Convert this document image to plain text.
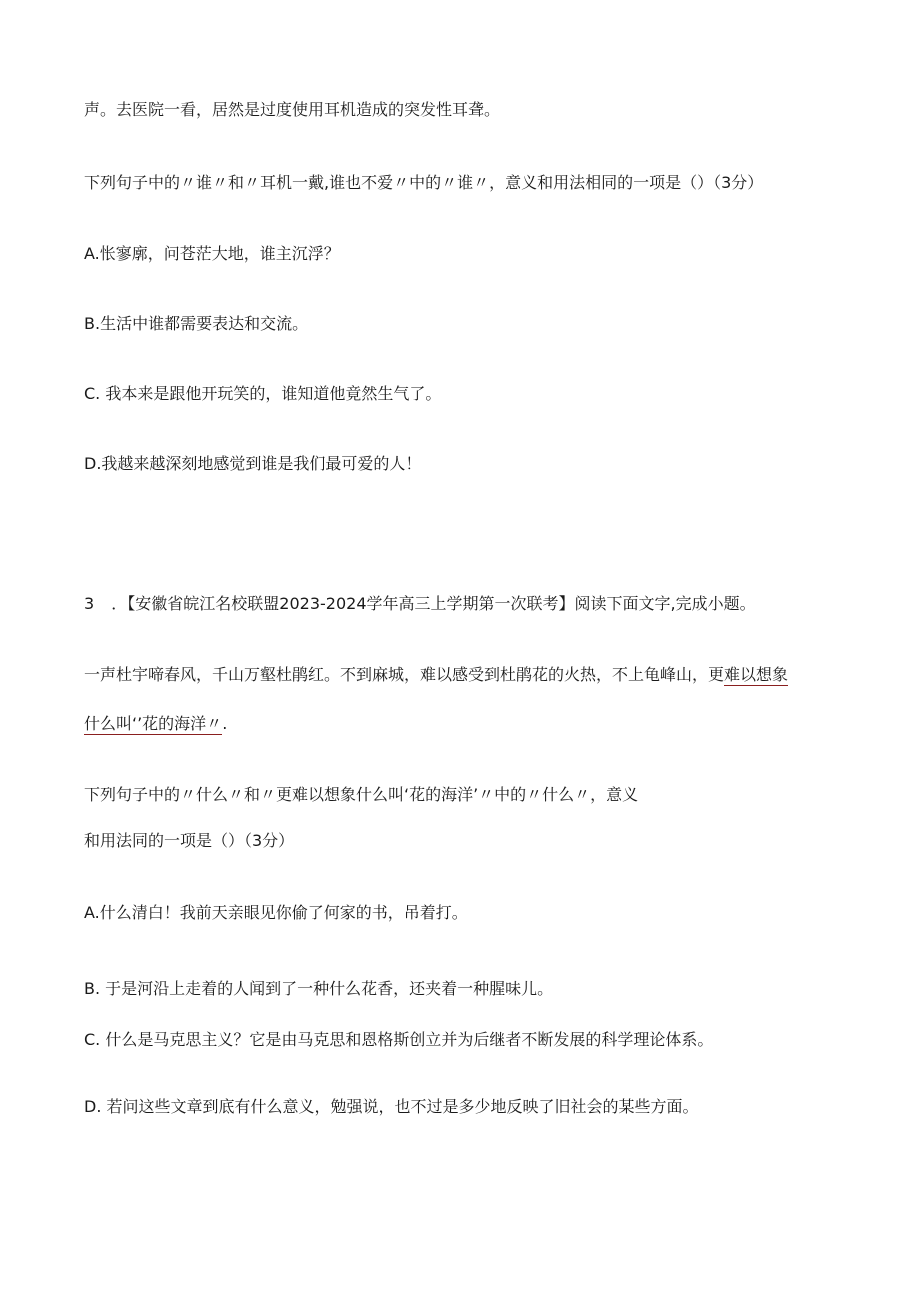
声。去医院一看，居然是过度使用耳机造成的突发性耳聋。
下列句子中的〃谁〃和〃耳机一戴,谁也不爱〃中的〃谁〃，意义和用法相同的一项是（）（3分）
A.怅寥廓，问苍茫大地，谁主沉浮？
B.生活中谁都需要表达和交流。
C. 我本来是跟他开玩笑的，谁知道他竟然生气了。
D.我越来越深刻地感觉到谁是我们最可爱的人！
3 ．【安徽省皖江名校联盟2023-2024学年高三上学期第一次联考】阅读下面文字,完成小题。
一声杜宇啼春风，千山万壑杜鹃红。不到麻城，难以感受到杜鹃花的火热，不上龟峰山，更难以想象
什么叫‘’花的海洋〃.
下列句子中的〃什么〃和〃更难以想象什么叫‘花的海洋’〃中的〃什么〃，意义
和用法同的一项是（）（3分）
A.什么清白！我前天亲眼见你偷了何家的书，吊着打。
B. 于是河沿上走着的人闻到了一种什么花香，还夹着一种腥味儿。
C. 什么是马克思主义？它是由马克思和恩格斯创立并为后继者不断发展的科学理论体系。
D. 若问这些文章到底有什么意义，勉强说，也不过是多少地反映了旧社会的某些方面。
